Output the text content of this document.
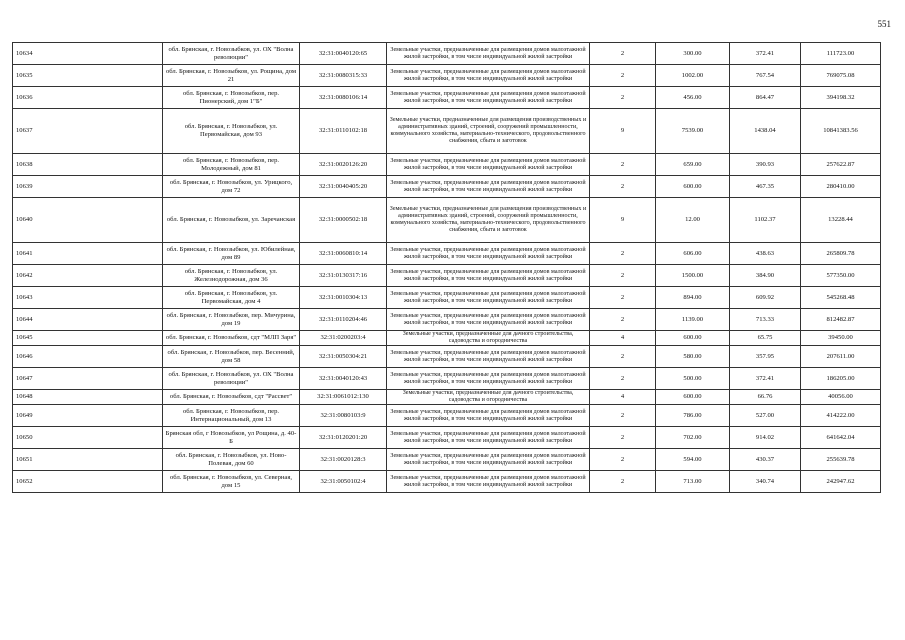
551
10634	обл. Брянская, г. Новозыбков, ул. ОХ "Волна революции"	32:31:0040120:65	Земельные участки, предназначенные для размещения домов малоэтажной жилой застройки, в том числе индивидуальной жилой застройки	2	300.00	372.41	111723.00
10635	обл. Брянская, г. Новозыбков, ул. Рощина, дом 21	32:31:0080315:33	Земельные участки, предназначенные для размещения домов малоэтажной жилой застройки, в том числе индивидуальной жилой застройки	2	1002.00	767.54	769075.08
10636	обл. Брянская, г. Новозыбков, пер. Пионерский, дом 1"Б"	32:31:0080106:14	Земельные участки, предназначенные для размещения домов малоэтажной жилой застройки, в том числе индивидуальной жилой застройки	2	456.00	864.47	394198.32
10637	обл. Брянская, г. Новозыбков, ул. Первомайская, дом 93	32:31:0110102:18	Земельные участки, предназначенные для размещения производственных и административных зданий, строений, сооружений промышленности, коммунального хозяйства, материально-технического, продовольственного снабжения, сбыта и заготовок	9	7539.00	1438.04	10841383.56
10638	обл. Брянская, г. Новозыбков, пер. Молодежный, дом 81	32:31:0020126:20	Земельные участки, предназначенные для размещения домов малоэтажной жилой застройки, в том числе индивидуальной жилой застройки	2	659.00	390.93	257622.87
10639	обл. Брянская, г. Новозыбков, ул. Урицкого, дом 72	32:31:0040405:20	Земельные участки, предназначенные для размещения домов малоэтажной жилой застройки, в том числе индивидуальной жилой застройки	2	600.00	467.35	280410.00
10640	обл. Брянская, г. Новозыбков, ул. Заречанская	32:31:0000502:18	Земельные участки, предназначенные для размещения производственных и административных зданий, строений, сооружений промышленности, коммунального хозяйства, материально-технического, продовольственного снабжения, сбыта и заготовок	9	12.00	1102.37	13228.44
10641	обл. Брянская, г. Новозыбков, ул. Юбилейная, дом 89	32:31:0060810:14	Земельные участки, предназначенные для размещения домов малоэтажной жилой застройки, в том числе индивидуальной жилой застройки	2	606.00	438.63	265809.78
10642	обл. Брянская, г. Новозыбков, ул. Железнодорожная, дом 36	32:31:0130317:16	Земельные участки, предназначенные для размещения домов малоэтажной жилой застройки, в том числе индивидуальной жилой застройки	2	1500.00	384.90	577350.00
10643	обл. Брянская, г. Новозыбков, ул. Первомайская, дом 4	32:31:0010304:13	Земельные участки, предназначенные для размещения домов малоэтажной жилой застройки, в том числе индивидуальной жилой застройки	2	894.00	609.92	545268.48
10644	обл. Брянская, г. Новозыбков, пер. Мичурина, дом 19	32:31:0110204:46	Земельные участки, предназначенные для размещения домов малоэтажной жилой застройки, в том числе индивидуальной жилой застройки	2	1139.00	713.33	812482.87
10645	обл. Брянская, г. Новозыбков, сдт "МЛП Заря"	32:31:0200203:4	Земельные участки, предназначенные для дачного строительства, садоводства и огородничества	4	600.00	65.75	39450.00
10646	обл. Брянская, г. Новозыбков, пер. Весенний, дом 58	32:31:0050304:21	Земельные участки, предназначенные для размещения домов малоэтажной жилой застройки, в том числе индивидуальной жилой застройки	2	580.00	357.95	207611.00
10647	обл. Брянская, г. Новозыбков, ул. ОХ "Волна революции"	32:31:0040120:43	Земельные участки, предназначенные для размещения домов малоэтажной жилой застройки, в том числе индивидуальной жилой застройки	2	500.00	372.41	186205.00
10648	обл. Брянская, г. Новозыбков, сдт "Рассвет"	32:31:0061012:130	Земельные участки, предназначенные для дачного строительства, садоводства и огородничества	4	600.00	66.76	40056.00
10649	обл. Брянская, г. Новозыбков, пер. Интернациональный, дом 13	32:31:0080103:9	Земельные участки, предназначенные для размещения домов малоэтажной жилой застройки, в том числе индивидуальной жилой застройки	2	786.00	527.00	414222.00
10650	Брянская обл, г Новозыбков, ул Рощина, д. 40-Б	32:31:0120201:20	Земельные участки, предназначенные для размещения домов малоэтажной жилой застройки, в том числе индивидуальной жилой застройки	2	702.00	914.02	641642.04
10651	обл. Брянская, г. Новозыбков, ул. Ново-Полевая, дом 60	32:31:0020128:3	Земельные участки, предназначенные для размещения домов малоэтажной жилой застройки, в том числе индивидуальной жилой застройки	2	594.00	430.37	255639.78
10652	обл. Брянская, г. Новозыбков, ул. Северная, дом 15	32:31:0050102:4	Земельные участки, предназначенные для размещения домов малоэтажной жилой застройки, в том числе индивидуальной жилой застройки	2	713.00	340.74	242947.62
